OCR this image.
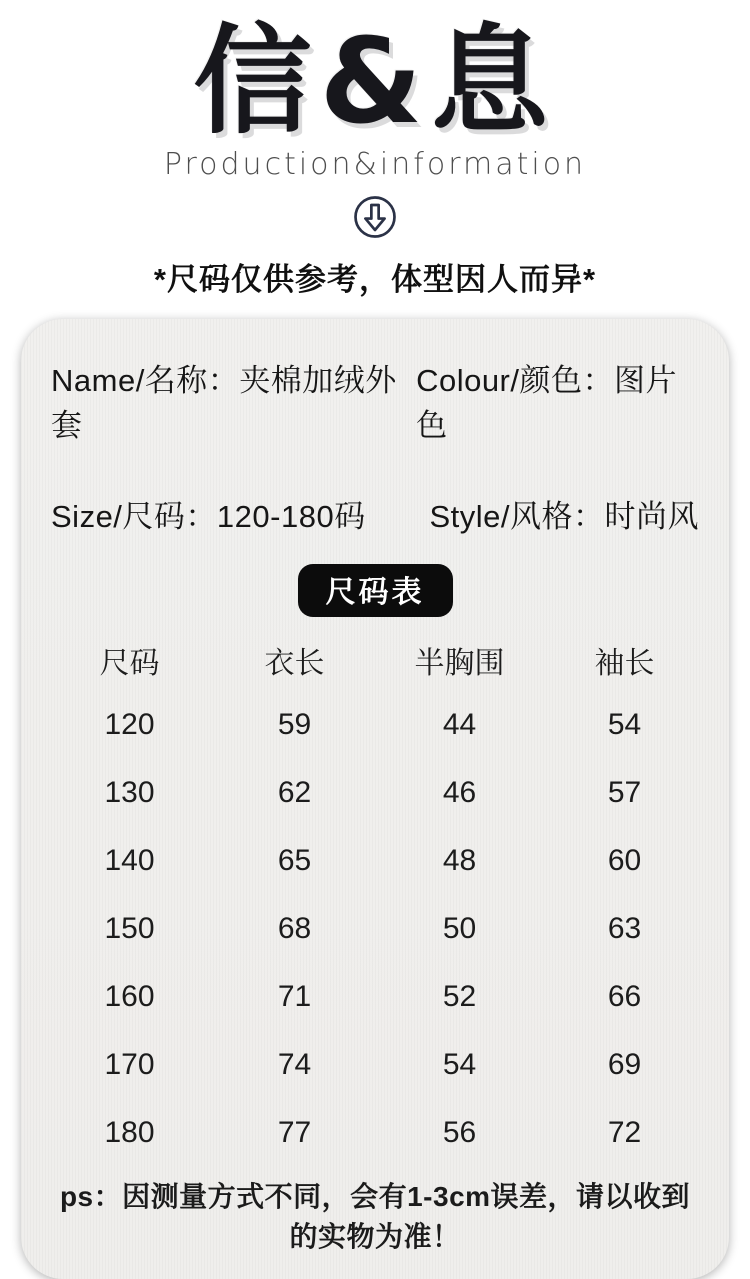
信&息
Production&information
*尺码仅供参考，体型因人而异*
Name/名称：夹棉加绒外套
Colour/颜色：图片色
Size/尺码：120-180码 Style/风格：时尚风
尺码表
尺码	衣长	半胸围	袖长
120	59	44	54
130	62	46	57
140	65	48	60
150	68	50	63
160	71	52	66
170	74	54	69
180	77	56	72
ps：因测量方式不同，会有1-3cm误差，请以收到的实物为准！
